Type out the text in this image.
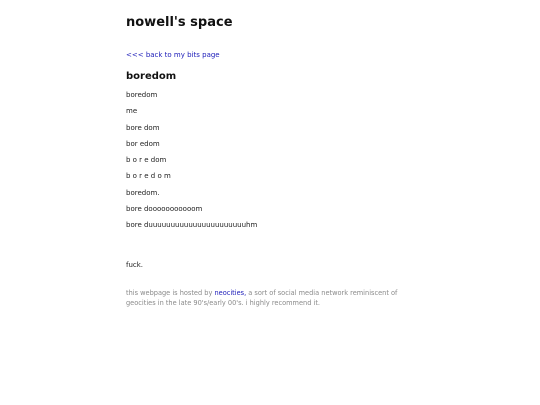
nowell's space
<<< back to my bits page
boredom

boredom

me

bore dom

bor edom

b o r e dom

b o r e d o m

boredom.

bore dooooooooooom

bore duuuuuuuuuuuuuuuuuuuuuuhm

fuck.

this webpage is hosted by neocities, a sort of social media network reminiscent of geocities in the late 90's/early 00's. i highly recommend it.
